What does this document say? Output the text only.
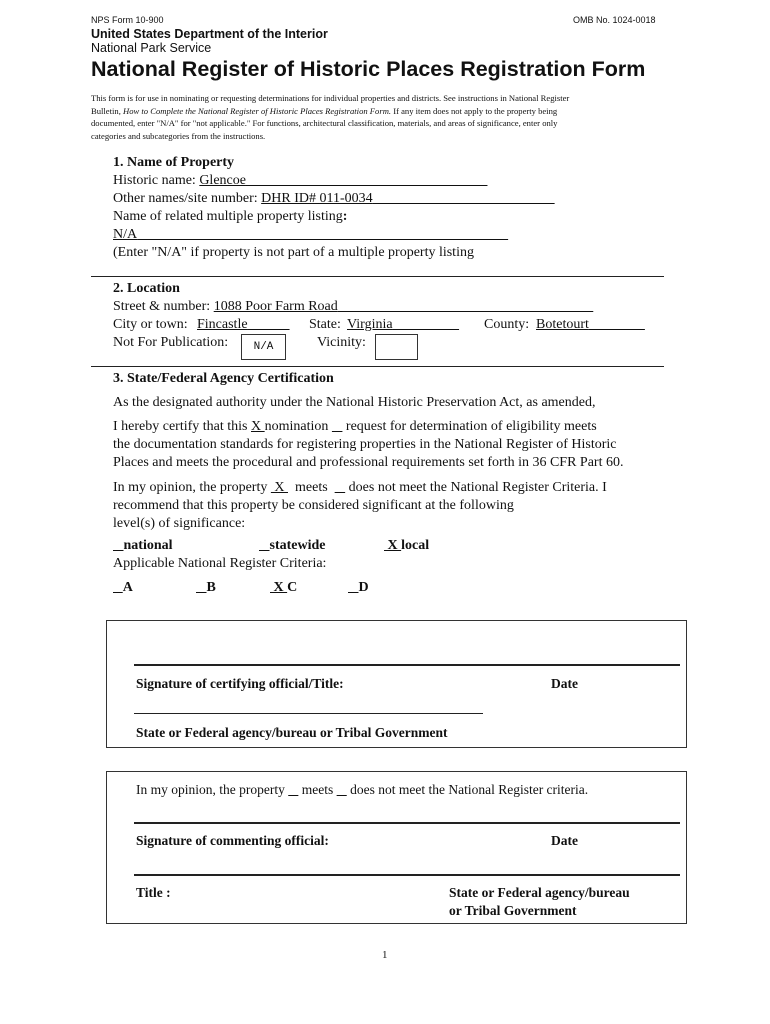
NPS Form 10-900	OMB No. 1024-0018
United States Department of the Interior
National Park Service
National Register of Historic Places Registration Form
This form is for use in nominating or requesting determinations for individual properties and districts. See instructions in National Register
Bulletin, How to Complete the National Register of Historic Places Registration Form. If any item does not apply to the property being
documented, enter "N/A" for "not applicable." For functions, architectural classification, materials, and areas of significance, enter only
categories and subcategories from the instructions.
1. Name of Property
Historic name: Glencoe
Other names/site number: DHR ID# 011-0034
Name of related multiple property listing:
N/A
(Enter "N/A" if property is not part of a multiple property listing
2. Location
Street & number: 1088 Poor Farm Road
City or town: Fincastle	State: Virginia	County: Botetourt
Not For Publication:	N/A	Vicinity:
3. State/Federal Agency Certification
As the designated authority under the National Historic Preservation Act, as amended,
I hereby certify that this X nomination     request for determination of eligibility meets
the documentation standards for registering properties in the National Register of Historic
Places and meets the procedural and professional requirements set forth in 36 CFR Part 60.
In my opinion, the property  X   meets      does not meet the National Register Criteria. I
recommend that this property be considered significant at the following
level(s) of significance:
national	statewide	X local
Applicable National Register Criteria:
A	B	X C	D
Signature of certifying official/Title:	Date
State or Federal agency/bureau or Tribal Government
In my opinion, the property     meets     does not meet the National Register criteria.
Signature of commenting official:	Date
Title :	State or Federal agency/bureau
or Tribal Government
1
